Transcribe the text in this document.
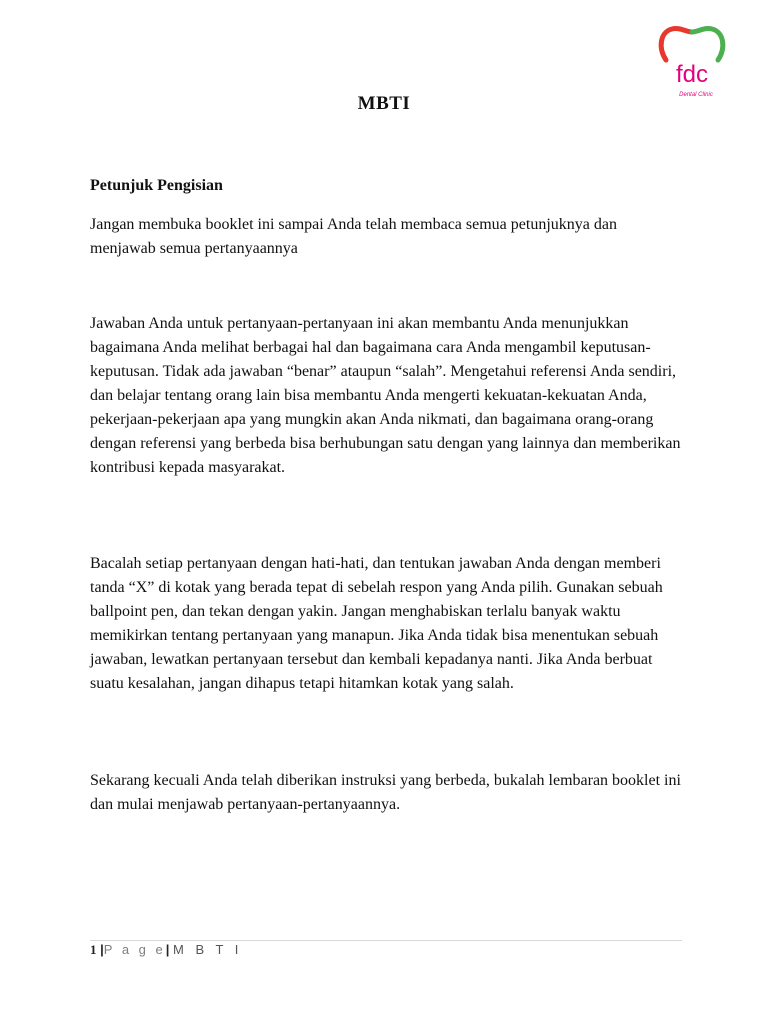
fdc
Dental Clinic
MBTI
Petunjuk Pengisian

Jangan membuka booklet ini sampai Anda telah membaca semua petunjuknya dan menjawab semua pertanyaannya

Jawaban Anda untuk pertanyaan-pertanyaan ini akan membantu Anda menunjukkan bagaimana Anda melihat berbagai hal dan bagaimana cara Anda mengambil keputusan-keputusan. Tidak ada jawaban “benar” ataupun “salah”. Mengetahui referensi Anda sendiri, dan belajar tentang orang lain bisa membantu Anda mengerti kekuatan-kekuatan Anda, pekerjaan-pekerjaan apa yang mungkin akan Anda nikmati, dan bagaimana orang-orang dengan referensi yang berbeda bisa berhubungan satu dengan yang lainnya dan memberikan kontribusi kepada masyarakat.

Bacalah setiap pertanyaan dengan hati-hati, dan tentukan jawaban Anda dengan memberi tanda “X” di kotak yang berada tepat di sebelah respon yang Anda pilih. Gunakan sebuah ballpoint pen, dan tekan dengan yakin. Jangan menghabiskan terlalu banyak waktu memikirkan tentang pertanyaan yang manapun. Jika Anda tidak bisa menentukan sebuah jawaban, lewatkan pertanyaan tersebut dan kembali kepadanya nanti. Jika Anda berbuat suatu kesalahan, jangan dihapus tetapi hitamkan kotak yang salah.

Sekarang kecuali Anda telah diberikan instruksi yang berbeda, bukalah lembaran booklet ini dan mulai menjawab pertanyaan-pertanyaannya.

1 |P a g e| M B T I
